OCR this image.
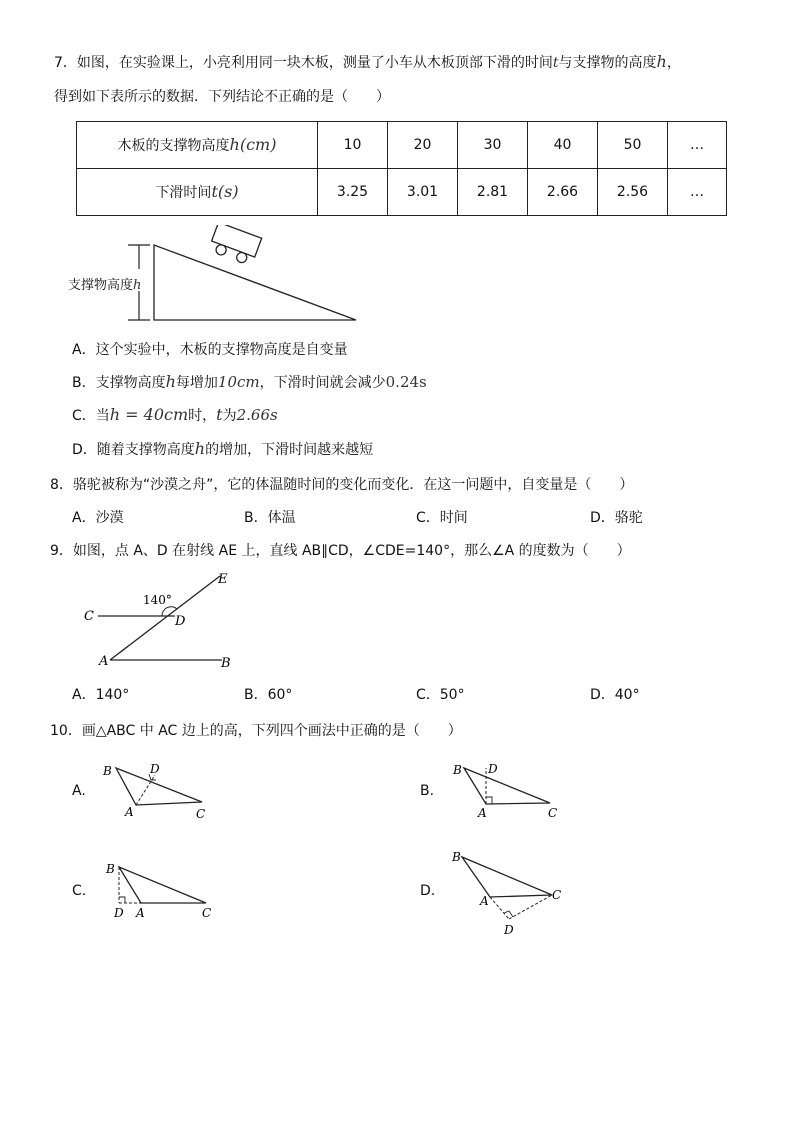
7．如图，在实验课上，小亮利用同一块木板，测量了小车从木板顶部下滑的时间t与支撑物的高度h，
得到如下表所示的数据．下列结论不正确的是（　　）
木板的支撑物高度h(cm)	10	20	30	40	50	…
下滑时间t(s)	3.25	3.01	2.81	2.66	2.56	…
支撑物高度h
A．这个实验中，木板的支撑物高度是自变量
B．支撑物高度h每增加10cm，下滑时间就会减少0.24s
C．当h = 40cm时，t为2.66s
D．随着支撑物高度h的增加，下滑时间越来越短
8．骆驼被称为“沙漠之舟”，它的体温随时间的变化而变化．在这一问题中，自变量是（　　）
A．沙漠	B．体温	C．时间	D．骆驼
9．如图，点 A、D 在射线 AE 上，直线 AB∥CD，∠CDE=140°，那么∠A 的度数为（　　）
140°
C	D
E
A	B
A．140°	B．60°	C．50°	D．40°
10．画△ABC 中 AC 边上的高，下列四个画法中正确的是（　　）
A.
B	D
A	C
B.
B D
A	C
C.
B
D A	C
D.
B
A	C
D
